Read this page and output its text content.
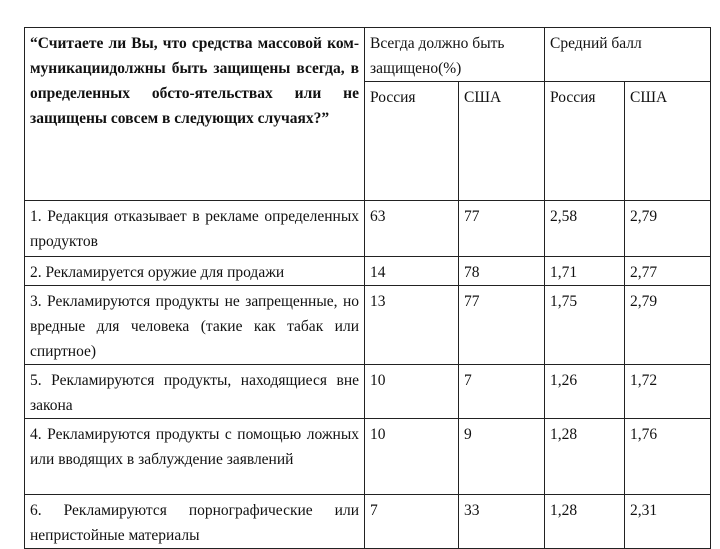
“Считаете ли Вы, что средства массовой ком-муникациидолжны быть защищены всегда, в определенных обсто-ятельствах или не защищены совсем в следующих случаях?”	Всегда должно быть защищено(%)		Средний балл	
	Россия	США	Россия	США
1. Редакция отказывает в рекламе определенных продуктов	63	77	2,58	2,79
2. Рекламируется оружие для продажи	14	78	1,71	2,77
3. Рекламируются продукты не запрещенные, но вредные для человека (такие как табак или спиртное)	13	77	1,75	2,79
5. Рекламируются продукты, находящиеся вне закона	10	7	1,26	1,72
4. Рекламируются продукты с помощью ложных или вводящих в заблуждение заявлений	10	9	1,28	1,76
6. Рекламируются порнографические или непристойные материалы	7	33	1,28	2,31
